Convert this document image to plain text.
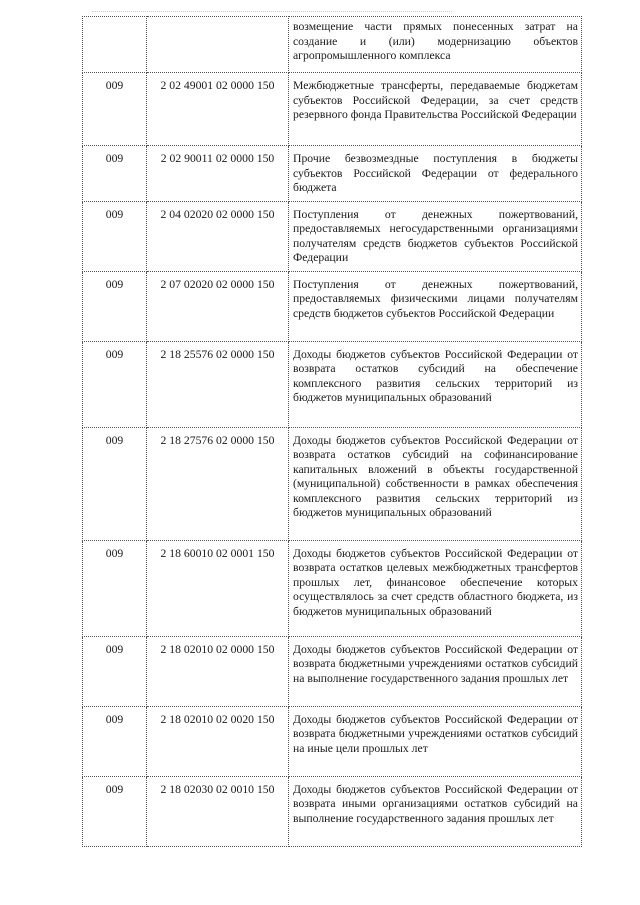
		возмещение части прямых понесенных затрат на создание и (или) модернизацию объектов агропромышленного комплекса
009	2 02 49001 02 0000 150	Межбюджетные трансферты, передаваемые бюджетам субъектов Российской Федерации, за счет средств резервного фонда Правительства Российской Федерации
009	2 02 90011 02 0000 150	Прочие безвозмездные поступления в бюджеты субъектов Российской Федерации от федерального бюджета
009	2 04 02020 02 0000 150	Поступления от денежных пожертвований, предоставляемых негосударственными организациями получателям средств бюджетов субъектов Российской Федерации
009	2 07 02020 02 0000 150	Поступления от денежных пожертвований, предоставляемых физическими лицами получателям средств бюджетов субъектов Российской Федерации
009	2 18 25576 02 0000 150	Доходы бюджетов субъектов Российской Федерации от возврата остатков субсидий на обеспечение комплексного развития сельских территорий из бюджетов муниципальных образований
009	2 18 27576 02 0000 150	Доходы бюджетов субъектов Российской Федерации от возврата остатков субсидий на софинансирование капитальных вложений в объекты государственной (муниципальной) собственности в рамках обеспечения комплексного развития сельских территорий из бюджетов муниципальных образований
009	2 18 60010 02 0001 150	Доходы бюджетов субъектов Российской Федерации от возврата остатков целевых межбюджетных трансфертов прошлых лет, финансовое обеспечение которых осуществлялось за счет средств областного бюджета, из бюджетов муниципальных образований
009	2 18 02010 02 0000 150	Доходы бюджетов субъектов Российской Федерации от возврата бюджетными учреждениями остатков субсидий на выполнение государственного задания прошлых лет
009	2 18 02010 02 0020 150	Доходы бюджетов субъектов Российской Федерации от возврата бюджетными учреждениями остатков субсидий на иные цели прошлых лет
009	2 18 02030 02 0010 150	Доходы бюджетов субъектов Российской Федерации от возврата иными организациями остатков субсидий на выполнение государственного задания прошлых лет
